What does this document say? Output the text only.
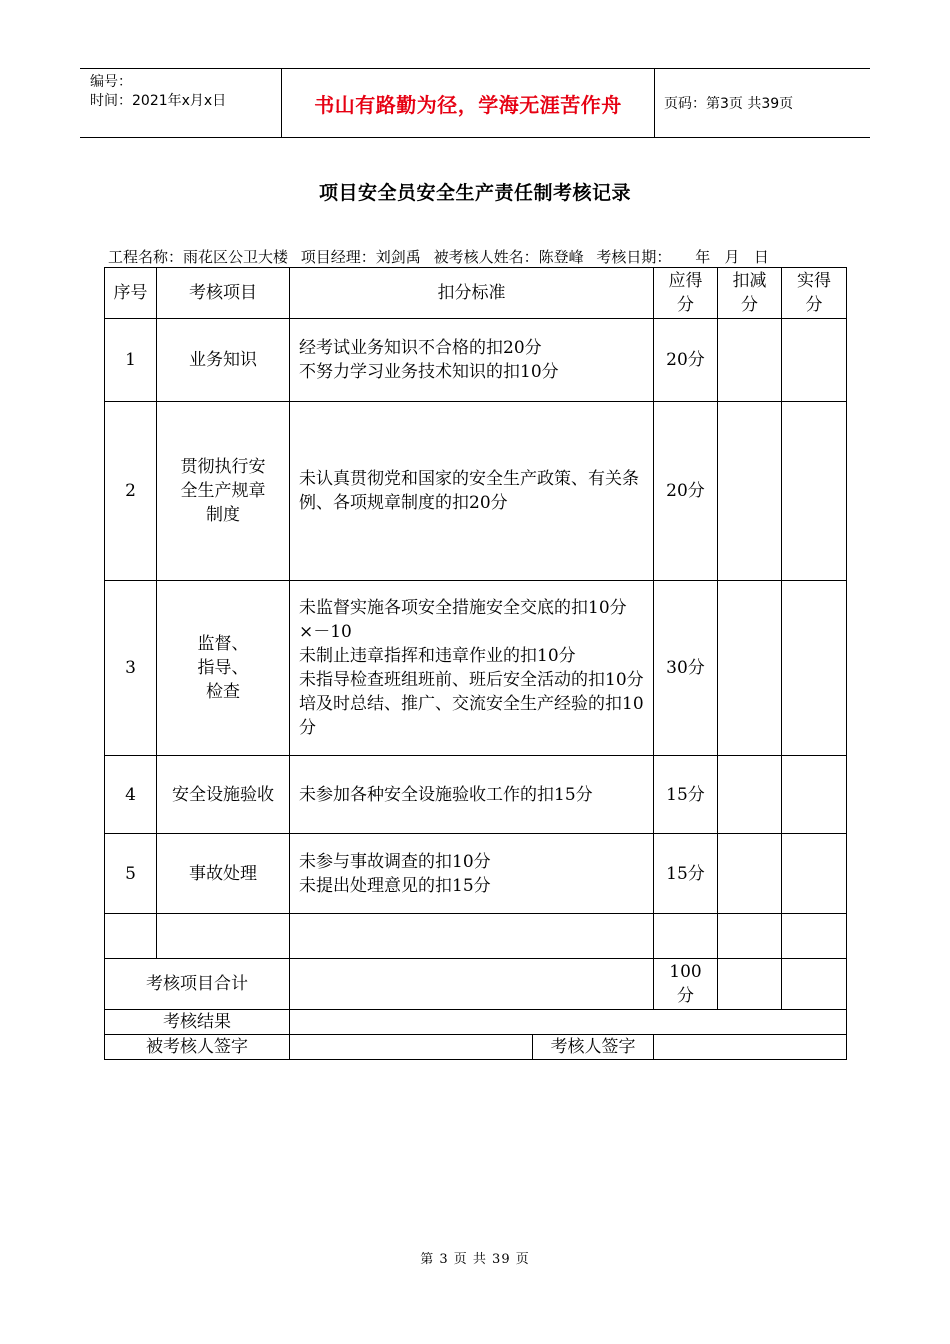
编号：
时间：2021年x月x日	书山有路勤为径，学海无涯苦作舟	页码：第3页 共39页
项目安全员安全生产责任制考核记录
工程名称：雨花区公卫大楼 项目经理：刘剑禹 被考核人姓名：陈登峰 考核日期：     年   月   日
序号	考核项目	扣分标准	应得分	扣减分	实得分

1	业务知识	经考试业务知识不合格的扣20分
不努力学习业务技术知识的扣10分	20分		
2	贯彻执行安全生产规章制度	未认真贯彻党和国家的安全生产政策、有关条例、各项规章制度的扣20分	20分		
3	监督、指导、检查	未监督实施各项安全措施安全交底的扣10分    ×－10
未制止违章指挥和违章作业的扣10分
未指导检查班组班前、班后安全活动的扣10分
培及时总结、推广、交流安全生产经验的扣10分	30分		
4	安全设施验收	未参加各种安全设施验收工作的扣15分	15分		
5	事故处理	未参与事故调查的扣10分
未提出处理意见的扣15分	15分		

考核项目合计			100分		

考核结果					
被考核人签字		考核人签字			

第 3 页 共 39 页
